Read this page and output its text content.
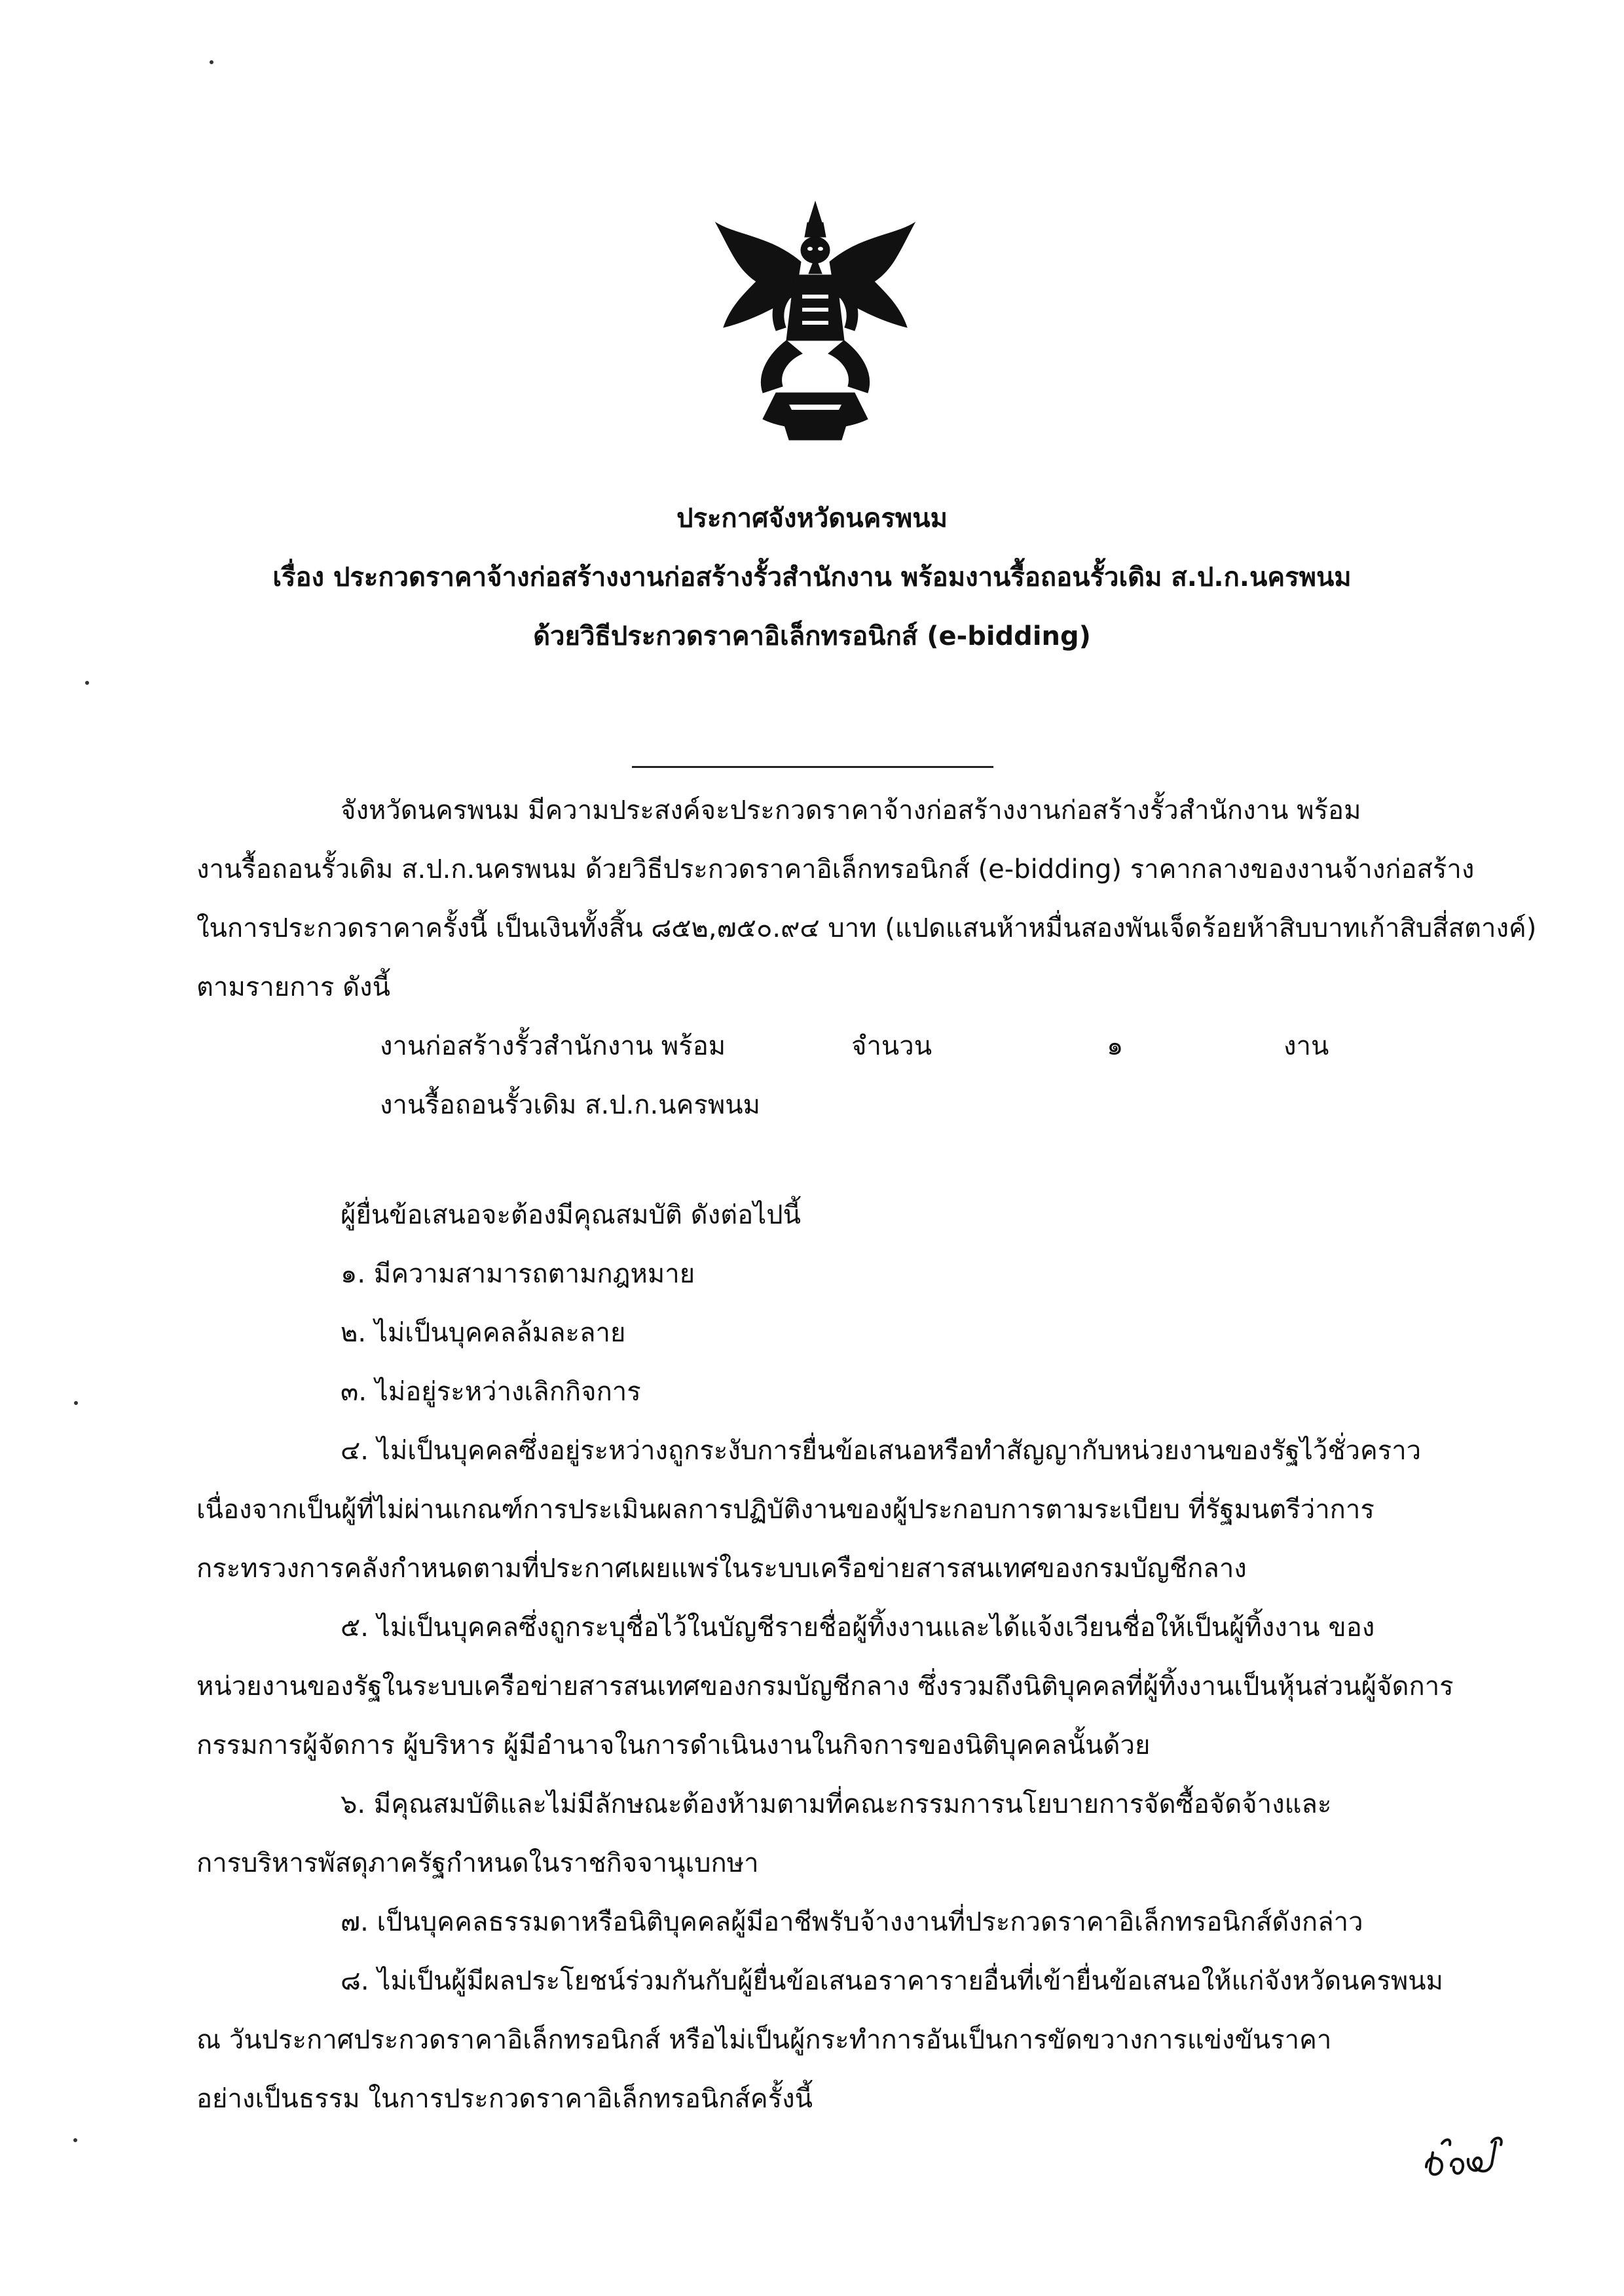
ประกาศจังหวัดนครพนม
เรื่อง ประกวดราคาจ้างก่อสร้างงานก่อสร้างรั้วสำนักงาน พร้อมงานรื้อถอนรั้วเดิม ส.ป.ก.นครพนม
ด้วยวิธีประกวดราคาอิเล็กทรอนิกส์ (e-bidding)
จังหวัดนครพนม มีความประสงค์จะประกวดราคาจ้างก่อสร้างงานก่อสร้างรั้วสำนักงาน พร้อม
งานรื้อถอนรั้วเดิม ส.ป.ก.นครพนม ด้วยวิธีประกวดราคาอิเล็กทรอนิกส์ (e-bidding) ราคากลางของงานจ้างก่อสร้าง
ในการประกวดราคาครั้งนี้ เป็นเงินทั้งสิ้น ๘๕๒,๗๕๐.๙๔ บาท (แปดแสนห้าหมื่นสองพันเจ็ดร้อยห้าสิบบาทเก้าสิบสี่สตางค์)
ตามรายการ ดังนี้
งานก่อสร้างรั้วสำนักงาน พร้อม	จำนวน	๑	งาน
งานรื้อถอนรั้วเดิม ส.ป.ก.นครพนม
ผู้ยื่นข้อเสนอจะต้องมีคุณสมบัติ ดังต่อไปนี้
๑. มีความสามารถตามกฎหมาย
๒. ไม่เป็นบุคคลล้มละลาย
๓. ไม่อยู่ระหว่างเลิกกิจการ
๔. ไม่เป็นบุคคลซึ่งอยู่ระหว่างถูกระงับการยื่นข้อเสนอหรือทำสัญญากับหน่วยงานของรัฐไว้ชั่วคราว
เนื่องจากเป็นผู้ที่ไม่ผ่านเกณฑ์การประเมินผลการปฏิบัติงานของผู้ประกอบการตามระเบียบ ที่รัฐมนตรีว่าการ
กระทรวงการคลังกำหนดตามที่ประกาศเผยแพร่ในระบบเครือข่ายสารสนเทศของกรมบัญชีกลาง
๕. ไม่เป็นบุคคลซึ่งถูกระบุชื่อไว้ในบัญชีรายชื่อผู้ทิ้งงานและได้แจ้งเวียนชื่อให้เป็นผู้ทิ้งงาน ของ
หน่วยงานของรัฐในระบบเครือข่ายสารสนเทศของกรมบัญชีกลาง ซึ่งรวมถึงนิติบุคคลที่ผู้ทิ้งงานเป็นหุ้นส่วนผู้จัดการ
กรรมการผู้จัดการ ผู้บริหาร ผู้มีอำนาจในการดำเนินงานในกิจการของนิติบุคคลนั้นด้วย
๖. มีคุณสมบัติและไม่มีลักษณะต้องห้ามตามที่คณะกรรมการนโยบายการจัดซื้อจัดจ้างและ
การบริหารพัสดุภาครัฐกำหนดในราชกิจจานุเบกษา
๗. เป็นบุคคลธรรมดาหรือนิติบุคคลผู้มีอาชีพรับจ้างงานที่ประกวดราคาอิเล็กทรอนิกส์ดังกล่าว
๘. ไม่เป็นผู้มีผลประโยชน์ร่วมกันกับผู้ยื่นข้อเสนอราคารายอื่นที่เข้ายื่นข้อเสนอให้แก่จังหวัดนครพนม
ณ วันประกาศประกวดราคาอิเล็กทรอนิกส์ หรือไม่เป็นผู้กระทำการอันเป็นการขัดขวางการแข่งขันราคา
อย่างเป็นธรรม ในการประกวดราคาอิเล็กทรอนิกส์ครั้งนี้
